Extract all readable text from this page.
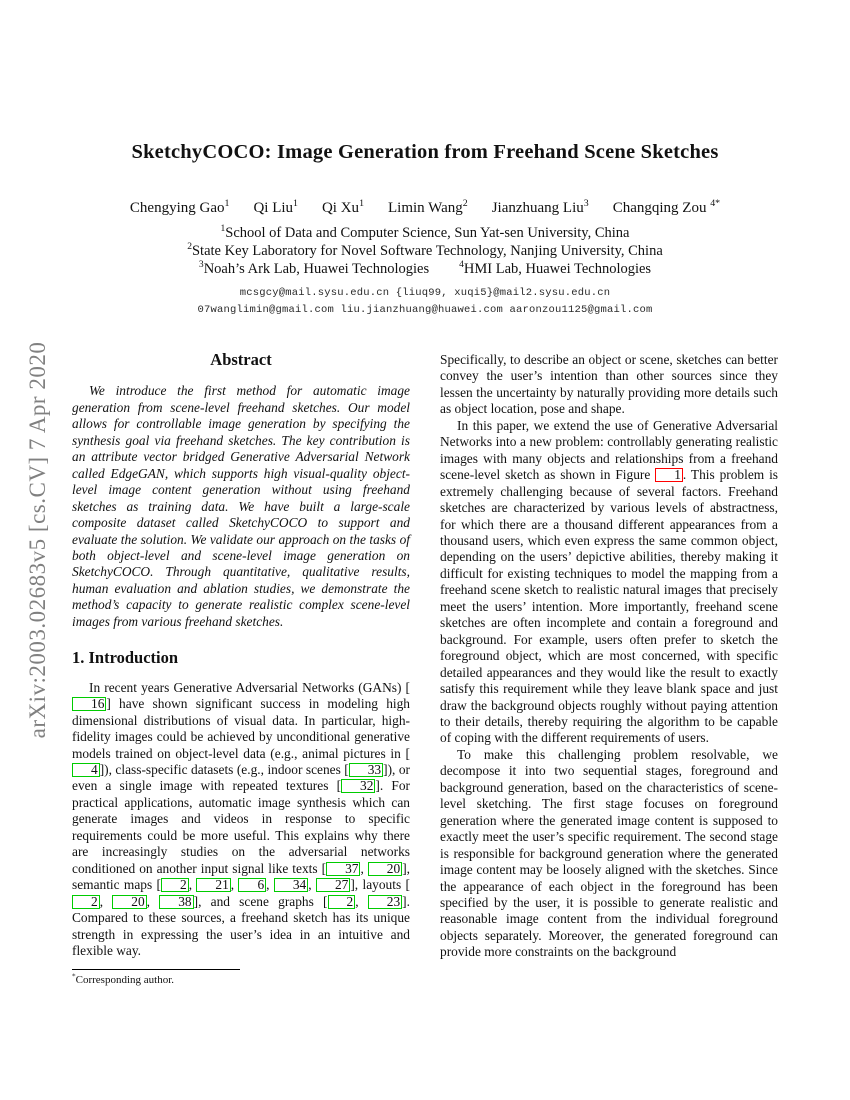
arXiv:2003.02683v5 [cs.CV] 7 Apr 2020
SketchyCOCO: Image Generation from Freehand Scene Sketches
Chengying Gao$^1$ Qi Liu$^1$ Qi Xu$^1$ Limin Wang$^2$ Jianzhuang Liu$^3$ Changqing Zou $^{4*}$
$^1$School of Data and Computer Science, Sun Yat-sen University, China
$^2$State Key Laboratory for Novel Software Technology, Nanjing University, China
$^3$Noah’s Ark Lab, Huawei Technologies	$^4$HMI Lab, Huawei Technologies
mcsgcy@mail.sysu.edu.cn {liuq99, xuqi5}@mail2.sysu.edu.cn
07wanglimin@gmail.com liu.jianzhuang@huawei.com aaronzou1125@gmail.com
Abstract

We introduce the first method for automatic image generation from scene-level freehand sketches. Our model allows for controllable image generation by specifying the synthesis goal via freehand sketches. The key contribution is an attribute vector bridged Generative Adversarial Network called EdgeGAN, which supports high visual-quality object-level image content generation without using freehand sketches as training data. We have built a large-scale composite dataset called SketchyCOCO to support and evaluate the solution. We validate our approach on the tasks of both object-level and scene-level image generation on SketchyCOCO. Through quantitative, qualitative results, human evaluation and ablation studies, we demonstrate the method’s capacity to generate realistic complex scene-level images from various freehand sketches.

1. Introduction

In recent years Generative Adversarial Networks (GANs) [16 ] have shown significant success in modeling high dimensional distributions of visual data. In particular, high-fidelity images could be achieved by unconditional generative models trained on object-level data (e.g., animal pictures in [4 ]), class-specific datasets (e.g., indoor scenes [ 33 ]), or even a single image with repeated textures [ 32 ]. For practical applications, automatic image synthesis which can generate images and videos in response to specific requirements could be more useful. This explains why there are increasingly studies on the adversarial networks conditioned on another input signal like texts [ 37 , 20 ], semantic maps [ 2 , 21 , 6 , 34 , 27 ], layouts [2 , 20 , 38 ], and scene graphs [ 2 , 23 ]. Compared to these sources, a freehand sketch has its unique strength in expressing the user’s idea in an intuitive and flexible way.

Specifically, to describe an object or scene, sketches can better convey the user’s intention than other sources since they lessen the uncertainty by naturally providing more details such as object location, pose and shape.

In this paper, we extend the use of Generative Adversarial Networks into a new problem: controllably generating realistic images with many objects and relationships from a freehand scene-level sketch as shown in Figure 1 . This problem is extremely challenging because of several factors. Freehand sketches are characterized by various levels of abstractness, for which there are a thousand different appearances from a thousand users, which even express the same common object, depending on the users’ depictive abilities, thereby making it difficult for existing techniques to model the mapping from a freehand scene sketch to realistic natural images that precisely meet the users’ intention. More importantly, freehand scene sketches are often incomplete and contain a foreground and background. For example, users often prefer to sketch the foreground object, which are most concerned, with specific detailed appearances and they would like the result to exactly satisfy this requirement while they leave blank space and just draw the background objects roughly without paying attention to their details, thereby requiring the algorithm to be capable of coping with the different requirements of users.

To make this challenging problem resolvable, we decompose it into two sequential stages, foreground and background generation, based on the characteristics of scene-level sketching. The first stage focuses on foreground generation where the generated image content is supposed to exactly meet the user’s specific requirement. The second stage is responsible for background generation where the generated image content may be loosely aligned with the sketches. Since the appearance of each object in the foreground has been specified by the user, it is possible to generate realistic and reasonable image content from the individual foreground objects separately. Moreover, the generated foreground can provide more constraints on the background

*Corresponding author.
